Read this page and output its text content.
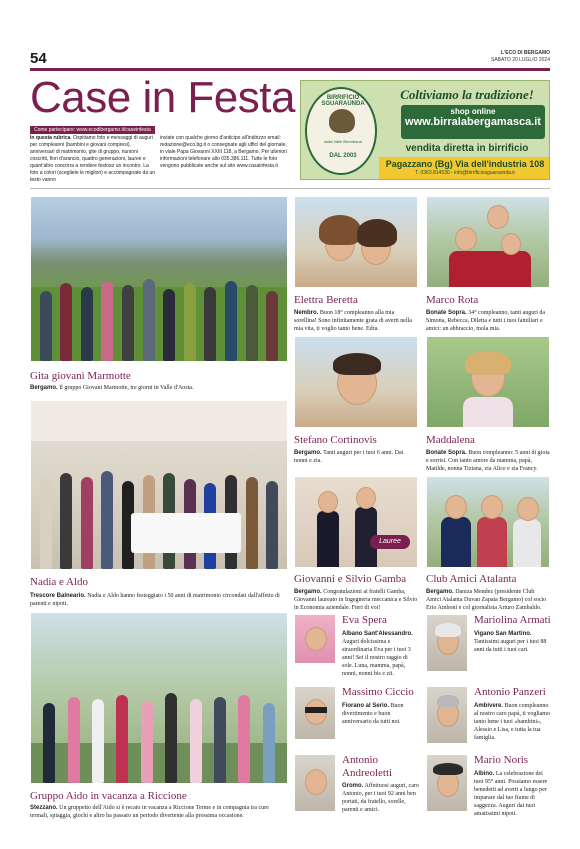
54	L'ECO DI BERGAMO
SABATO 20 LUGLIO 2024
Case in Festa
Come partecipare: www.ecodibergamo.it/caseinfesta
In questa rubrica. Ospitiamo foto e messaggi di auguri per compleanni (bambini e giovani compresi), anniversari di matrimonio, gite di gruppo, riunioni coscritti, fiori d'arancio, quattro generazioni, lauree e quant'altro concorra a rendere festoso un incontro. La foto a colori (scegliete le migliori) e accompagnate da un testo vanno
inviate con qualche giorno d'anticipo all'indirizzo email: redazione@eco.bg.it o consegnate agli uffici del giornale, in viale Papa Giovanni XXIII 118, a Bergamo. Per ulteriori informazioni telefonare allo 035.386.111. Tutte le foto vengono pubblicate anche sul sito www.casainfesta.it
BIRRIFICIO SGUARAUNDA
dalla Valle Brembana
DAL 2003
Coltiviamo la tradizione!
shop online
www.birralabergamasca.it
vendita diretta in birrificio
Pagazzano (Bg) Via dell'industria 108
T. 0363.814530 - info@birrificiosguaraunda.it
Gita giovani Marmotte
Bergamo. Il gruppo Giovani Marmotte, tre giorni in Valle d'Aosta.
Nadia e Aldo
Trescore Balneario. Nadia e Aldo hanno festeggiato i 50 anni di matrimonio circondati dall'affetto di parenti e nipoti.
Gruppo Aido in vacanza a Riccione
Stezzano. Un gruppetto dell'Aido si è recato in vacanza a Riccione Terme e in compagnia tra cure termali, spiaggia, giochi e altro ha passato un periodo divertente alla prossima occasione.
Elettra Beretta
Nembro. Buon 18° compleanno alla mia sorellina! Sono infinitamente grata di averti nella mia vita, ti voglio tanto bene. Edra.
Stefano Cortinovis
Bergamo. Tanti auguri per i tuoi 6 anni. Dai nonni e zia.
Lauree
Giovanni e Silvio Gamba
Bergamo. Congratulazioni ai fratelli Gamba, Giovanni laureato in Ingegneria meccanica e Silvio in Economia aziendale. Fieri di voi!
Eva Spera
Albano Sant'Alessandro. Auguri dolcissima e straordinaria Eva per i tuoi 3 anni! Sei il nostro raggio di sole. Luna, mamma, papà, nonni, nonni bis e zii.
Massimo Ciccio
Fiorano al Serio. Buon divertimento e buon anniversario da tutti noi.
Antonio
Andreoletti
Gromo. Affettuosi auguri, caro Antonio, per i tuoi 92 anni ben portati, da fratello, sorelle, parenti e amici.
Marco Rota
Bonate Sopra. 34° compleanno, tanti auguri da Simona, Rebecca, Diletta e tutti i tuoi familiari e amici: un abbraccio, mola mia.
Maddalena
Bonate Sopra. Buon compleanno: 5 anni di gioia e sorrisi. Con tanto amore da mamma, papà, Matilde, nonna Tiziana, zia Alice e zia Francy.
Club Amici Atalanta
Bergamo. Daniza Mendez (presidente Club Amici Atalanta Duvan Zapata Bergamo) col socio Erio Amboni e col giornalista Arturo Zambaldo.
Mariolina Armati
Vigano San Martino. Tantissimi auguri per i tuoi 88 anni da tutti i tuoi cari.
Antonio Panzeri
Ambivere. Buon compleanno al nostro caro papà, ti vogliamo tanto bene i tuoi «bambini», Alessio e Lisa, e tutta la tua famiglia.
Mario Noris
Albino. La celebrazione dei tuoi 95° anni. Possiamo essere benedetti ad averti a lungo per imparare dal tuo fiume di saggezza. Auguri dai tuoi amatissimi nipoti.
